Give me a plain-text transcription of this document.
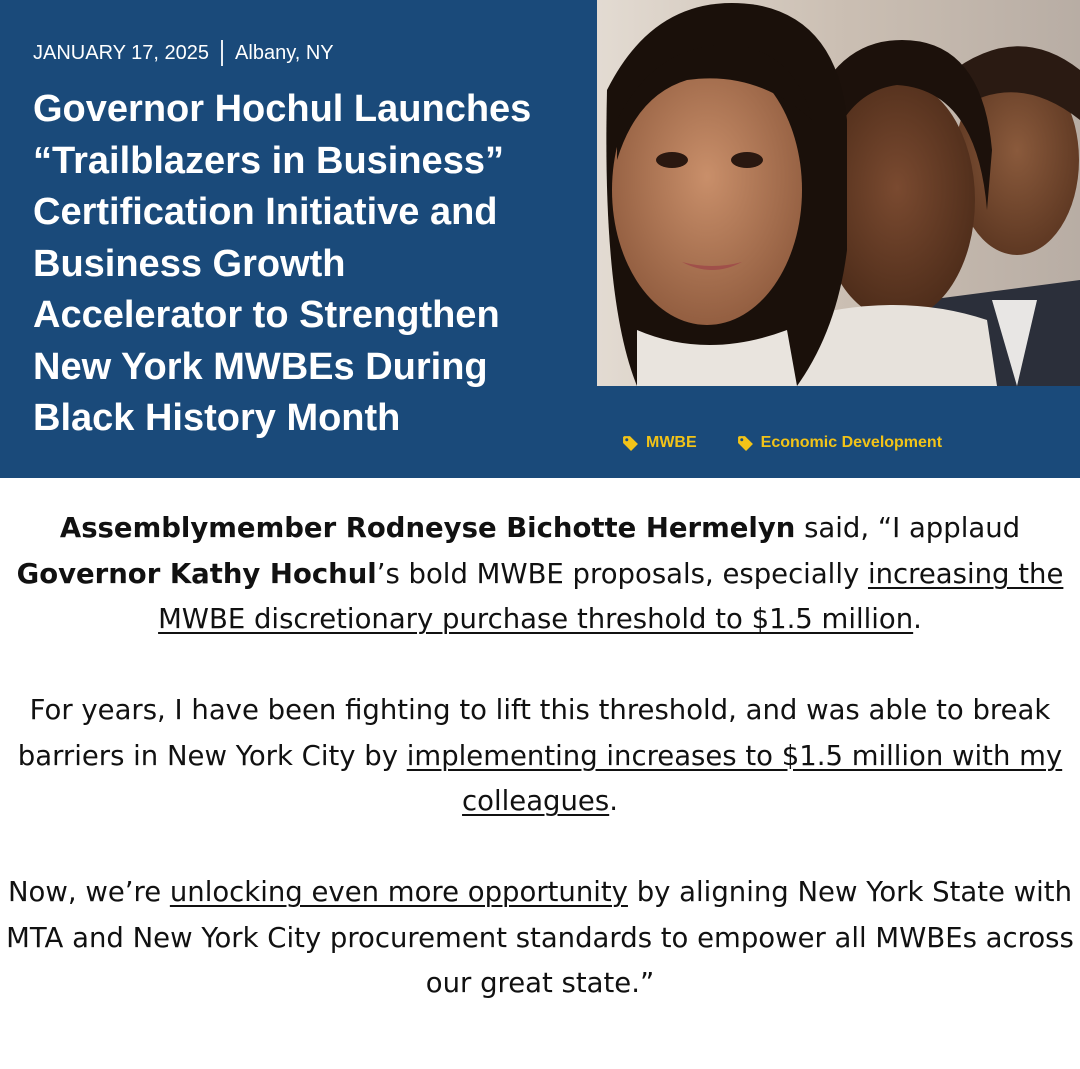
JANUARY 17, 2025 Albany, NY
Governor Hochul Launches
“Trailblazers in Business”
Certification Initiative and
Business Growth
Accelerator to Strengthen
New York MWBEs During
Black History Month
MWBE	Economic Development

Assemblymember Rodneyse Bichotte Hermelyn said, “I applaud Governor Kathy Hochul’s bold MWBE proposals, especially increasing the MWBE discretionary purchase threshold to $1.5 million.

For years, I have been fighting to lift this threshold, and was able to break barriers in New York City by implementing increases to $1.5 million with my colleagues.

Now, we’re unlocking even more opportunity by aligning New York State with MTA and New York City procurement standards to empower all MWBEs across our great state.”
